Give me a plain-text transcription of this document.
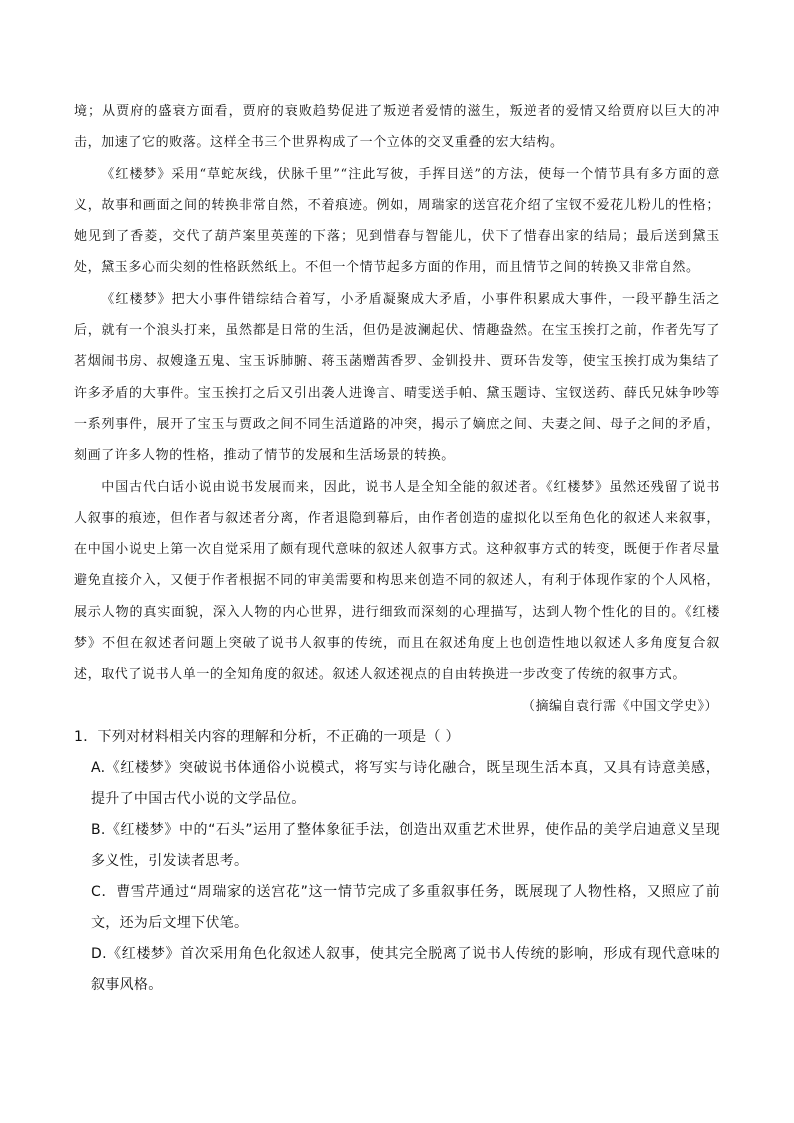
境；从贾府的盛衰方面看，贾府的衰败趋势促进了叛逆者爱情的滋生，叛逆者的爱情又给贾府以巨大的冲击，加速了它的败落。这样全书三个世界构成了一个立体的交叉重叠的宏大结构。

《红楼梦》采用“草蛇灰线，伏脉千里”“注此写彼，手挥目送”的方法，使每一个情节具有多方面的意义，故事和画面之间的转换非常自然，不着痕迹。例如，周瑞家的送宫花介绍了宝钗不爱花儿粉儿的性格；她见到了香菱，交代了葫芦案里英莲的下落；见到惜春与智能儿，伏下了惜春出家的结局；最后送到黛玉处，黛玉多心而尖刻的性格跃然纸上。不但一个情节起多方面的作用，而且情节之间的转换又非常自然。

《红楼梦》把大小事件错综结合着写，小矛盾凝聚成大矛盾，小事件积累成大事件，一段平静生活之后，就有一个浪头打来，虽然都是日常的生活，但仍是波澜起伏、情趣盎然。在宝玉挨打之前，作者先写了茗烟闹书房、叔嫂逢五鬼、宝玉诉肺腑、蒋玉菡赠茜香罗、金钏投井、贾环告发等，使宝玉挨打成为集结了许多矛盾的大事件。宝玉挨打之后又引出袭人进谗言、晴雯送手帕、黛玉题诗、宝钗送药、薛氏兄妹争吵等一系列事件，展开了宝玉与贾政之间不同生活道路的冲突，揭示了嫡庶之间、夫妻之间、母子之间的矛盾，刻画了许多人物的性格，推动了情节的发展和生活场景的转换。

中国古代白话小说由说书发展而来，因此，说书人是全知全能的叙述者。《红楼梦》虽然还残留了说书人叙事的痕迹，但作者与叙述者分离，作者退隐到幕后，由作者创造的虚拟化以至角色化的叙述人来叙事，在中国小说史上第一次自觉采用了颇有现代意味的叙述人叙事方式。这种叙事方式的转变，既便于作者尽量避免直接介入，又便于作者根据不同的审美需要和构思来创造不同的叙述人，有利于体现作家的个人风格，展示人物的真实面貌，深入人物的内心世界，进行细致而深刻的心理描写，达到人物个性化的目的。《红楼梦》不但在叙述者问题上突破了说书人叙事的传统，而且在叙述角度上也创造性地以叙述人多角度复合叙述，取代了说书人单一的全知角度的叙述。叙述人叙述视点的自由转换进一步改变了传统的叙事方式。

（摘编自袁行霈《中国文学史》）

1．下列对材料相关内容的理解和分析，不正确的一项是（ ）

A.《红楼梦》突破说书体通俗小说模式，将写实与诗化融合，既呈现生活本真，又具有诗意美感，提升了中国古代小说的文学品位。

B.《红楼梦》中的“石头”运用了整体象征手法，创造出双重艺术世界，使作品的美学启迪意义呈现多义性，引发读者思考。

C．曹雪芹通过“周瑞家的送宫花”这一情节完成了多重叙事任务，既展现了人物性格，又照应了前文，还为后文埋下伏笔。

D.《红楼梦》首次采用角色化叙述人叙事，使其完全脱离了说书人传统的影响，形成有现代意味的叙事风格。
